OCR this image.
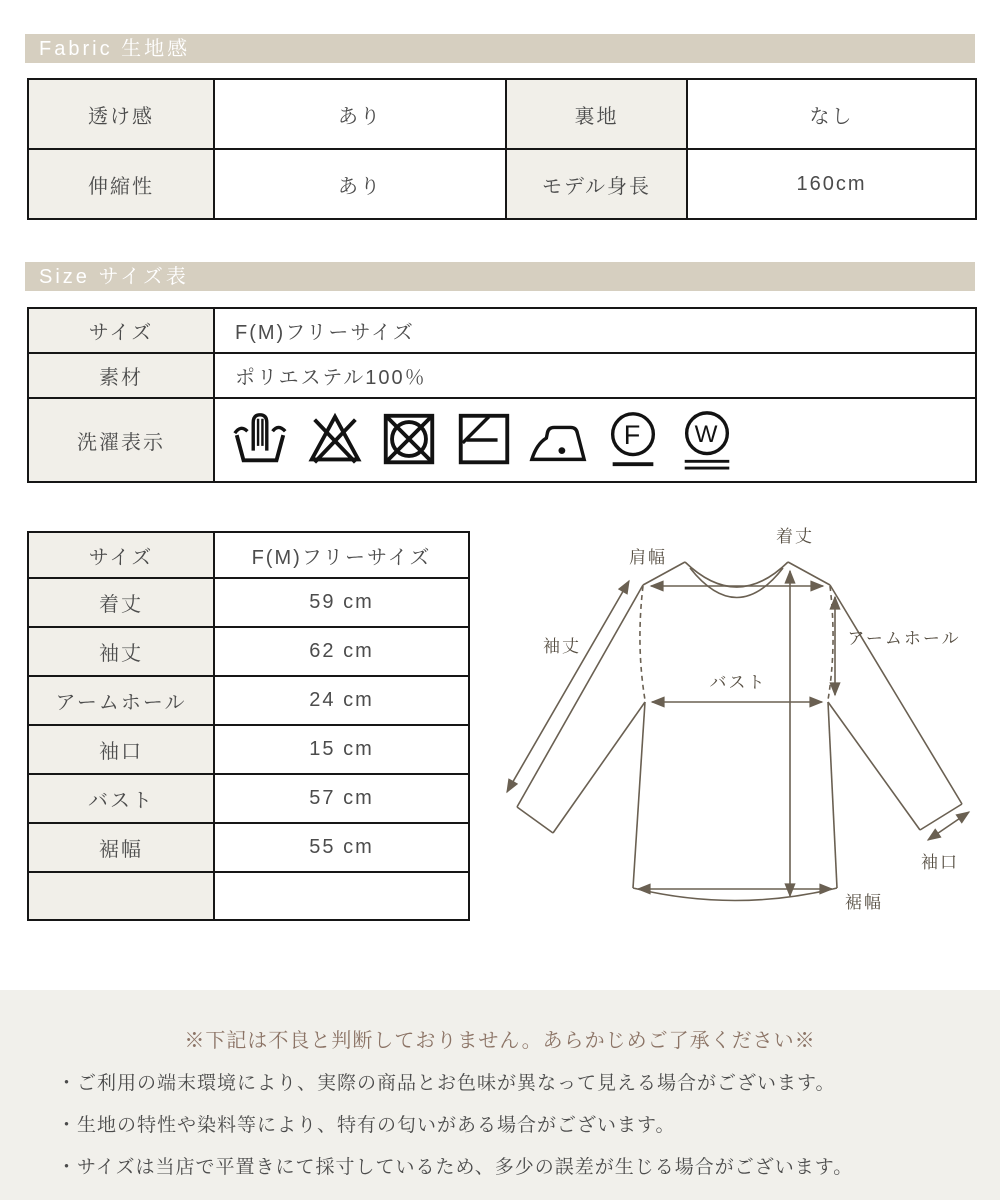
Fabric 生地感
透け感	あり	裏地	なし
伸縮性	あり	モデル身長	160cm
Size サイズ表
サイズ	F(M)フリーサイズ
素材	ポリエステル100％
洗濯表示	F
W
サイズ	F(M)フリーサイズ
着丈	59 cm
袖丈	62 cm
アームホール	24 cm
袖口	15 cm
バスト	57 cm
裾幅	55 cm

着丈
肩幅
袖丈	アームホール
バスト
袖口
裾幅
※下記は不良と判断しておりません。あらかじめご了承ください※
・ご利用の端末環境により、実際の商品とお色味が異なって見える場合がございます。
・生地の特性や染料等により、特有の匂いがある場合がございます。
・サイズは当店で平置きにて採寸しているため、多少の誤差が生じる場合がございます。
